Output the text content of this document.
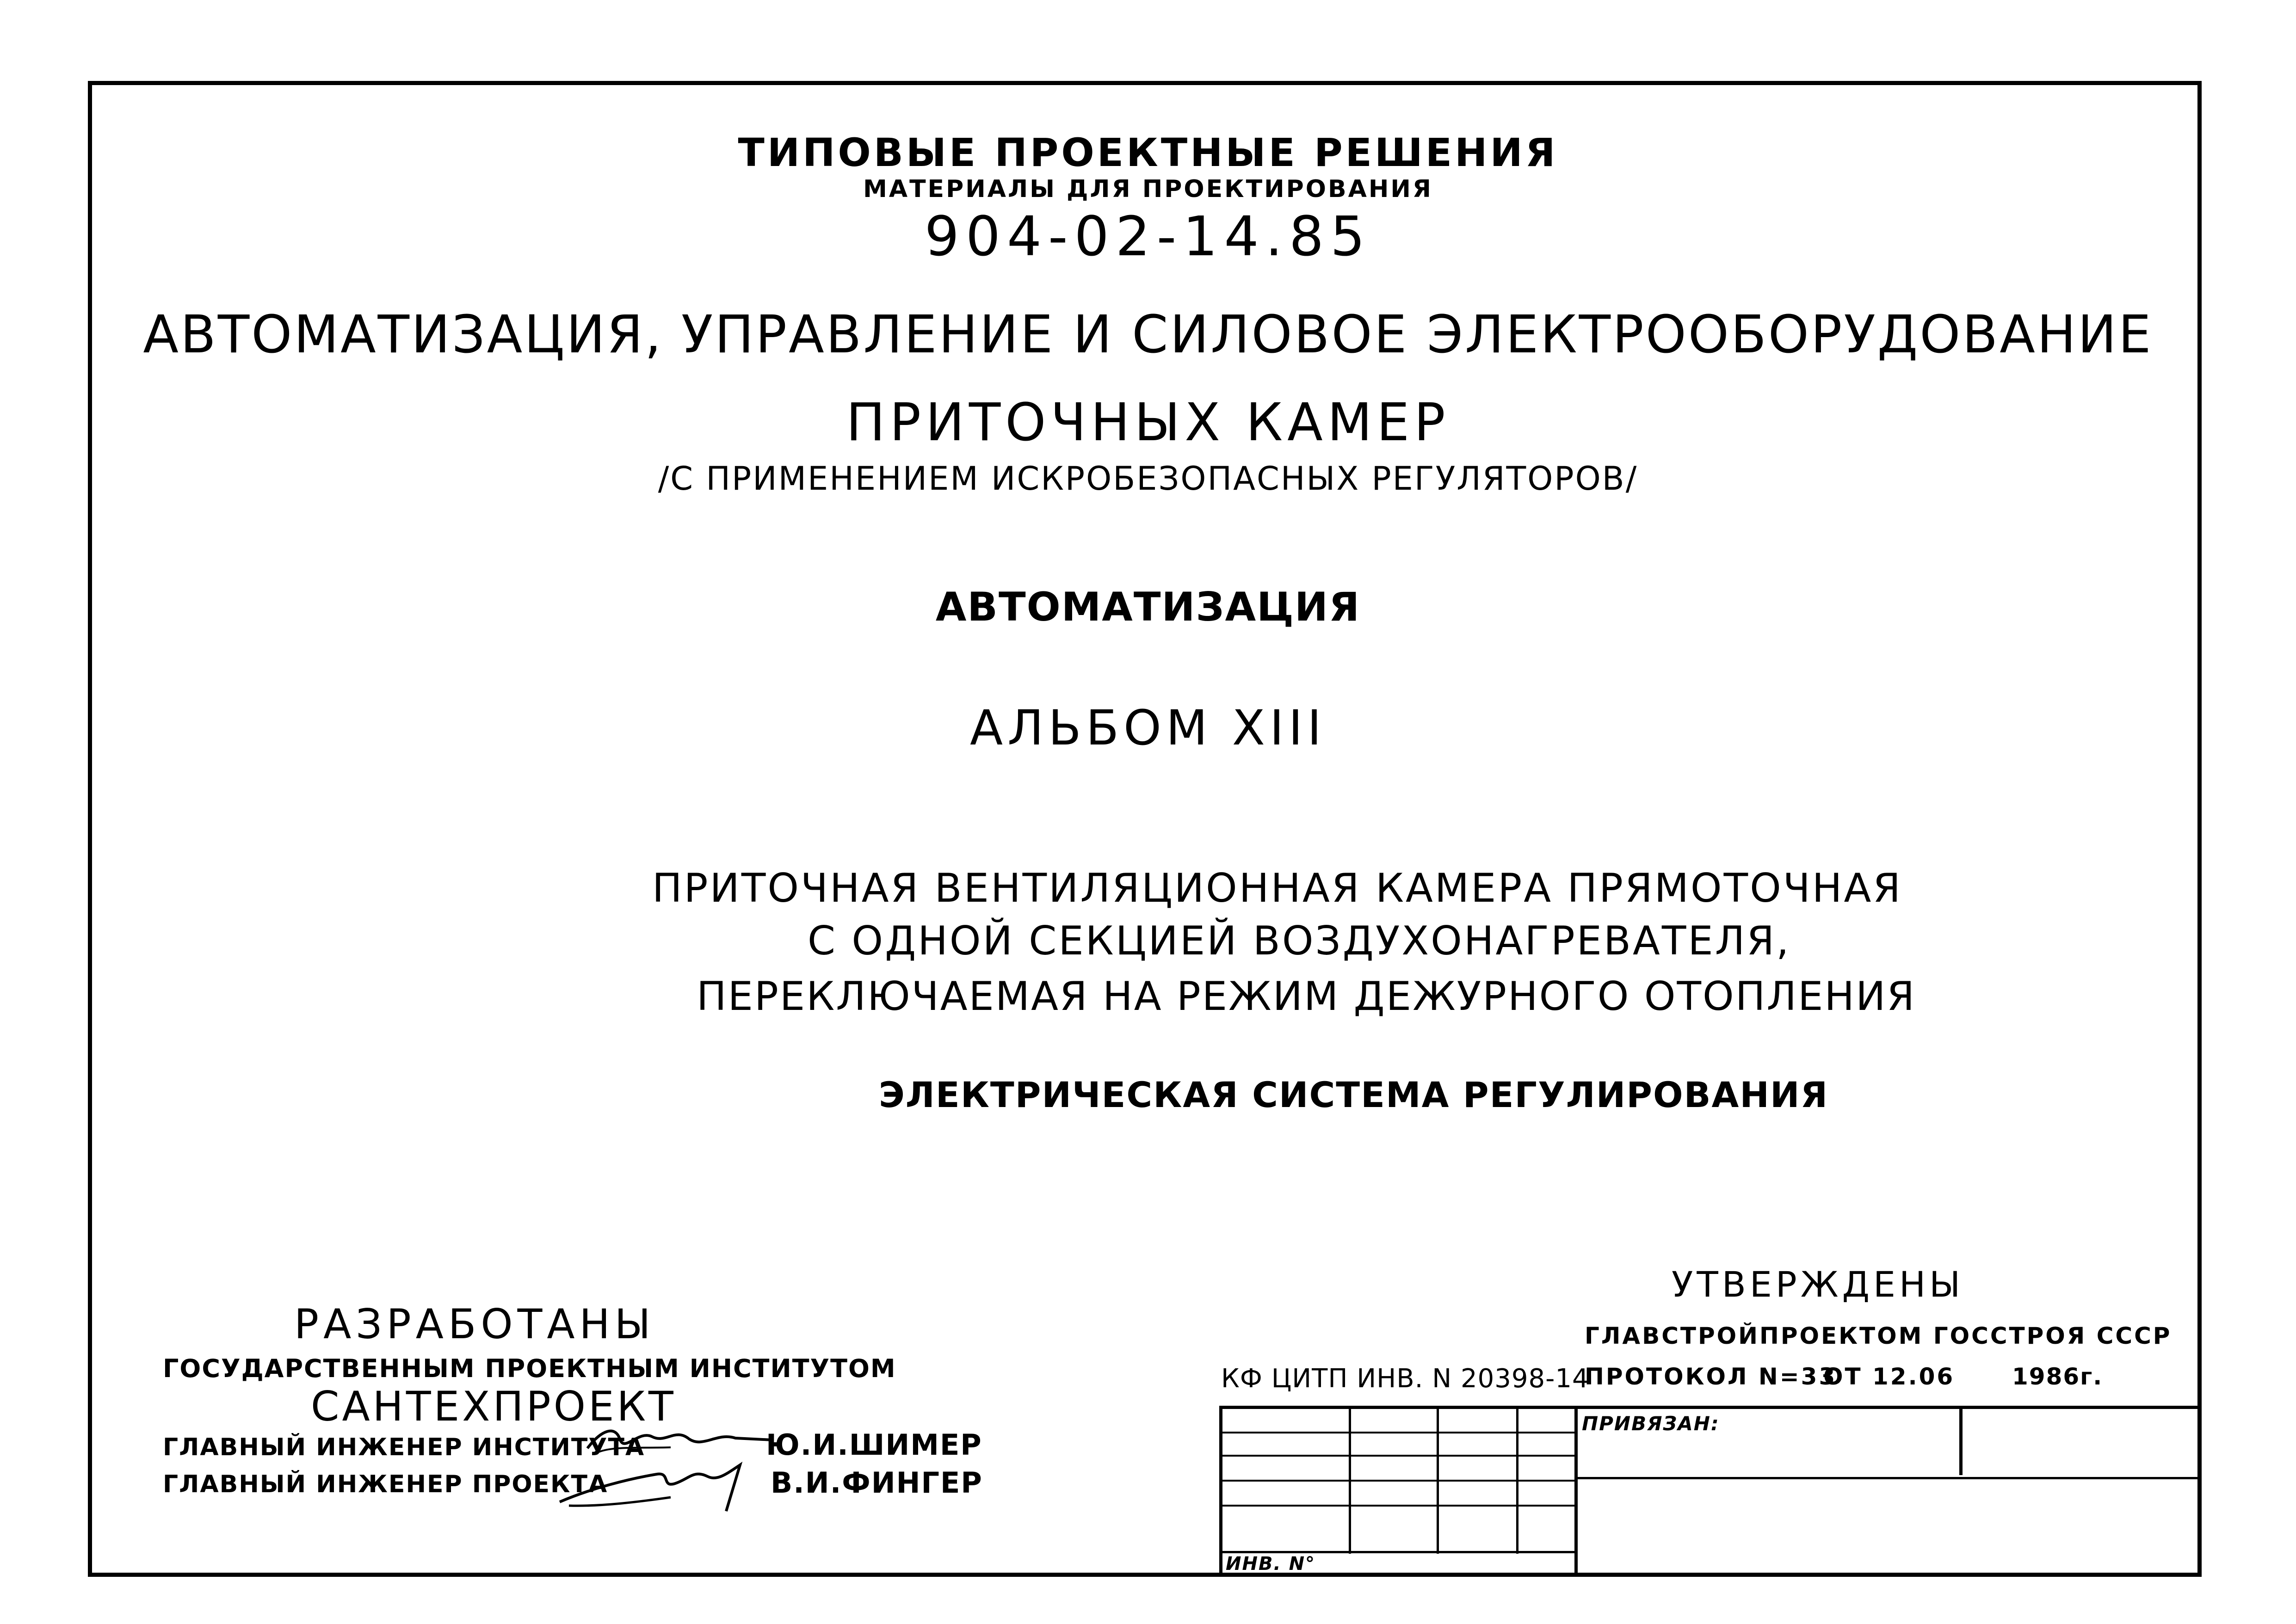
ТИПОВЫЕ ПРОЕКТНЫЕ РЕШЕНИЯ
МАТЕРИАЛЫ ДЛЯ ПРОЕКТИРОВАНИЯ
904-02-14.85
АВТОМАТИЗАЦИЯ, УПРАВЛЕНИЕ И СИЛОВОЕ ЭЛЕКТРООБОРУДОВАНИЕ
ПРИТОЧНЫХ КАМЕР
/С ПРИМЕНЕНИЕМ ИСКРОБЕЗОПАСНЫХ РЕГУЛЯТОРОВ/
АВТОМАТИЗАЦИЯ
АЛЬБОМ XIII
ПРИТОЧНАЯ ВЕНТИЛЯЦИОННАЯ КАМЕРА ПРЯМОТОЧНАЯ
С ОДНОЙ СЕКЦИЕЙ ВОЗДУХОНАГРЕВАТЕЛЯ,
ПЕРЕКЛЮЧАЕМАЯ НА РЕЖИМ ДЕЖУРНОГО ОТОПЛЕНИЯ
ЭЛЕКТРИЧЕСКАЯ СИСТЕМА РЕГУЛИРОВАНИЯ
РАЗРАБОТАНЫ
ГОСУДАРСТВЕННЫМ ПРОЕКТНЫМ ИНСТИТУТОМ
САНТЕХПРОЕКТ
ГЛАВНЫЙ ИНЖЕНЕР ИНСТИТУТА	Ю.И.ШИМЕР
ГЛАВНЫЙ ИНЖЕНЕР ПРОЕКТА	В.И.ФИНГЕР
УТВЕРЖДЕНЫ
ГЛАВСТРОЙПРОЕКТОМ ГОССТРОЯ СССР
ПРОТОКОЛ N=33
ОТ 12.06 1986г.
КФ ЦИТП ИНВ. N 20398-14
ПРИВЯЗАН:
ИНВ. N°
